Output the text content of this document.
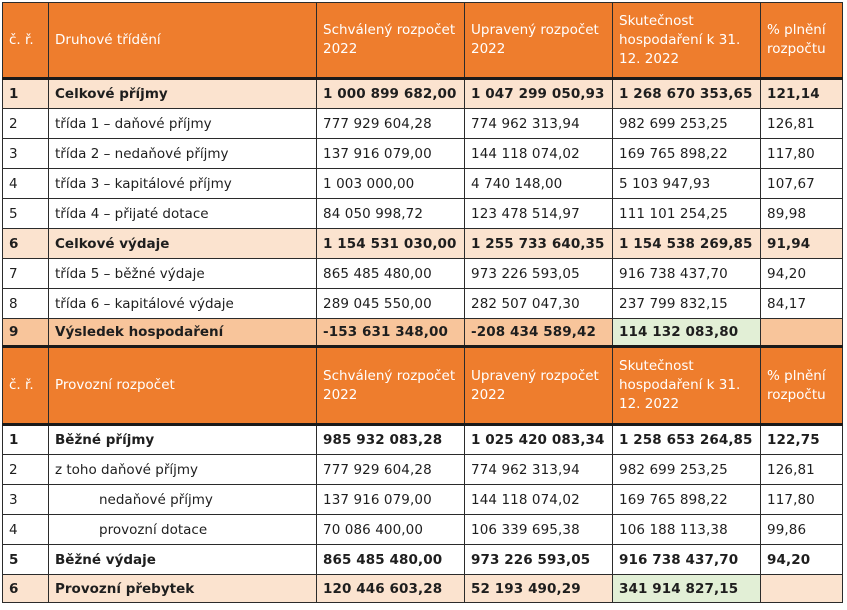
č. ř.	Druhové třídění	Schválený rozpočet 2022	Upravený rozpočet 2022	Skutečnost hospodaření k 31. 12. 2022	% plnění rozpočtu
1	Celkové příjmy	1 000 899 682,00	1 047 299 050,93	1 268 670 353,65	121,14
2	třída 1 – daňové příjmy	777 929 604,28	774 962 313,94	982 699 253,25	126,81
3	třída 2 – nedaňové příjmy	137 916 079,00	144 118 074,02	169 765 898,22	117,80
4	třída 3 – kapitálové příjmy	1 003 000,00	4 740 148,00	5 103 947,93	107,67
5	třída 4 – přijaté dotace	84 050 998,72	123 478 514,97	111 101 254,25	89,98
6	Celkové výdaje	1 154 531 030,00	1 255 733 640,35	1 154 538 269,85	91,94
7	třída 5 – běžné výdaje	865 485 480,00	973 226 593,05	916 738 437,70	94,20
8	třída 6 – kapitálové výdaje	289 045 550,00	282 507 047,30	237 799 832,15	84,17
9	Výsledek hospodaření	-153 631 348,00	-208 434 589,42	114 132 083,80	
č. ř.	Provozní rozpočet	Schválený rozpočet 2022	Upravený rozpočet 2022	Skutečnost hospodaření k 31. 12. 2022	% plnění rozpočtu
1	Běžné příjmy	985 932 083,28	1 025 420 083,34	1 258 653 264,85	122,75
2	z toho daňové příjmy	777 929 604,28	774 962 313,94	982 699 253,25	126,81
3	nedaňové příjmy	137 916 079,00	144 118 074,02	169 765 898,22	117,80
4	provozní dotace	70 086 400,00	106 339 695,38	106 188 113,38	99,86
5	Běžné výdaje	865 485 480,00	973 226 593,05	916 738 437,70	94,20
6	Provozní přebytek	120 446 603,28	52 193 490,29	341 914 827,15	
